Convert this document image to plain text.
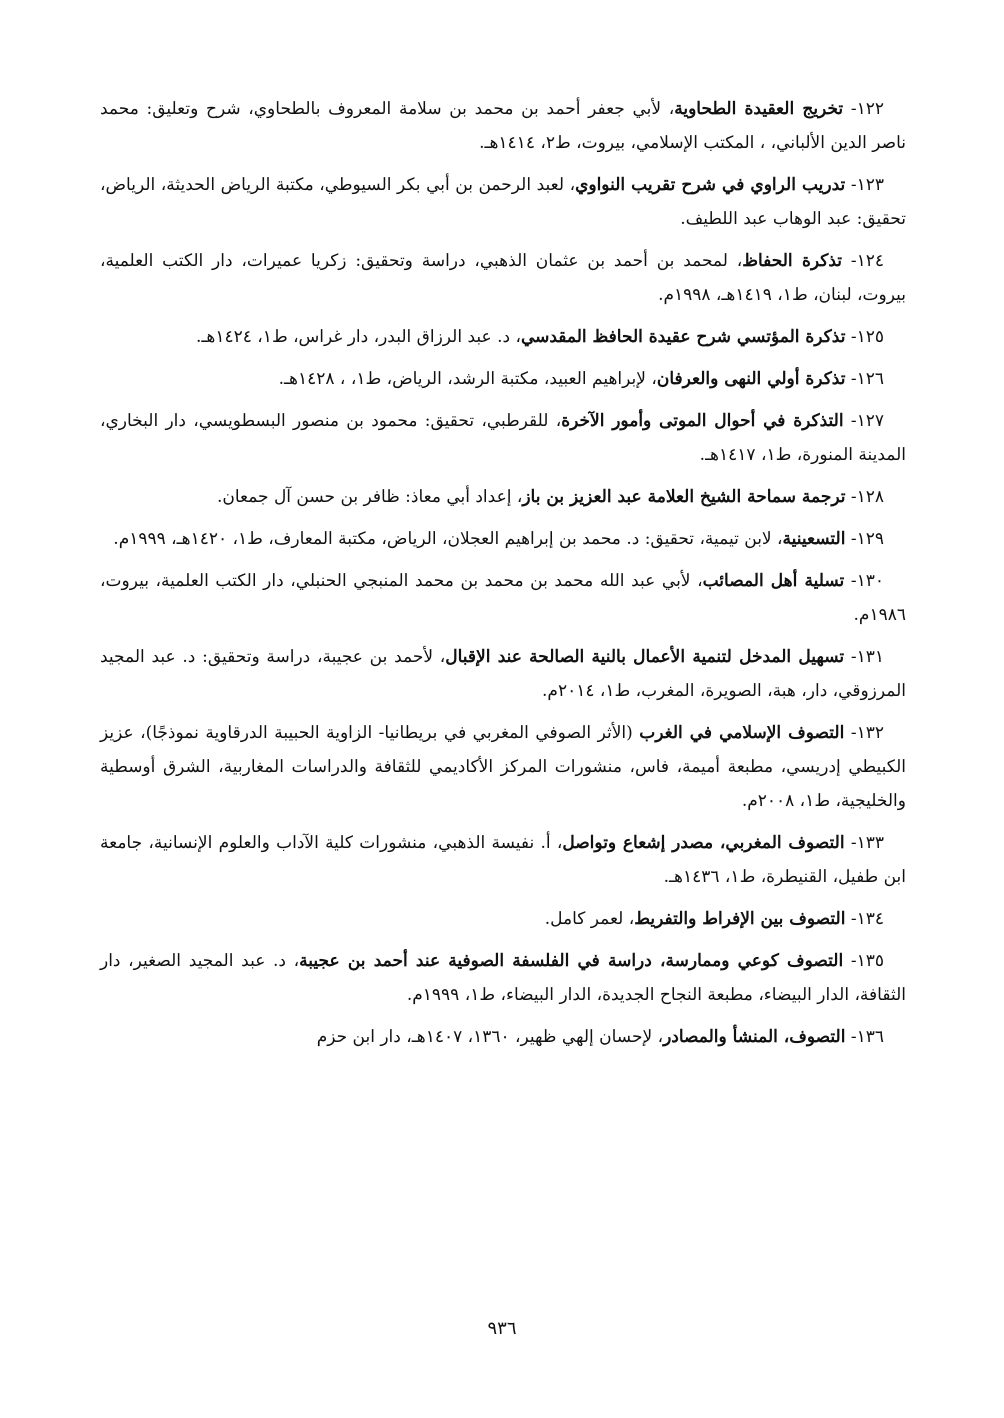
١٢٢- تخريج العقيدة الطحاوية، لأبي جعفر أحمد بن محمد بن سلامة المعروف بالطحاوي، شرح وتعليق: محمد ناصر الدين الألباني، ، المكتب الإسلامي، بيروت، ط٢، ١٤١٤هـ.

١٢٣- تدريب الراوي في شرح تقريب النواوي، لعبد الرحمن بن أبي بكر السيوطي، مكتبة الرياض الحديثة، الرياض، تحقيق: عبد الوهاب عبد اللطيف.

١٢٤- تذكرة الحفاظ، لمحمد بن أحمد بن عثمان الذهبي، دراسة وتحقيق: زكريا عميرات، دار الكتب العلمية، بيروت، لبنان، ط١، ١٤١٩هـ، ١٩٩٨م.

١٢٥- تذكرة المؤتسي شرح عقيدة الحافظ المقدسي، د. عبد الرزاق البدر، دار غراس، ط١، ١٤٢٤هـ.

١٢٦- تذكرة أولي النهى والعرفان، لإبراهيم العبيد، مكتبة الرشد، الرياض، ط١، ، ١٤٢٨هـ.

١٢٧- التذكرة في أحوال الموتى وأمور الآخرة، للقرطبي، تحقيق: محمود بن منصور البسطويسي، دار البخاري، المدينة المنورة، ط١، ١٤١٧هـ.

١٢٨- ترجمة سماحة الشيخ العلامة عبد العزيز بن باز، إعداد أبي معاذ: ظافر بن حسن آل جمعان.

١٢٩- التسعينية، لابن تيمية، تحقيق: د. محمد بن إبراهيم العجلان، الرياض، مكتبة المعارف، ط١، ١٤٢٠هـ، ١٩٩٩م.

١٣٠- تسلية أهل المصائب، لأبي عبد الله محمد بن محمد بن محمد المنبجي الحنبلي، دار الكتب العلمية، بيروت، ١٩٨٦م.

١٣١- تسهيل المدخل لتنمية الأعمال بالنية الصالحة عند الإقبال، لأحمد بن عجيبة، دراسة وتحقيق: د. عبد المجيد المرزوقي، دار، هبة، الصويرة، المغرب، ط١، ٢٠١٤م.

١٣٢- التصوف الإسلامي في الغرب (الأثر الصوفي المغربي في بريطانيا- الزاوية الحبيبة الدرقاوية نموذجًا)، عزيز الكبيطي إدريسي، مطبعة أميمة، فاس، منشورات المركز الأكاديمي للثقافة والدراسات المغاربية، الشرق أوسطية والخليجية، ط١، ٢٠٠٨م.

١٣٣- التصوف المغربي، مصدر إشعاع وتواصل، أ. نفيسة الذهبي، منشورات كلية الآداب والعلوم الإنسانية، جامعة ابن طفيل، القنيطرة، ط١، ١٤٣٦هـ.

١٣٤- التصوف بين الإفراط والتفريط، لعمر كامل.

١٣٥- التصوف كوعي وممارسة، دراسة في الفلسفة الصوفية عند أحمد بن عجيبة، د. عبد المجيد الصغير، دار الثقافة، الدار البيضاء، مطبعة النجاح الجديدة، الدار البيضاء، ط١، ١٩٩٩م.

١٣٦- التصوف، المنشأ والمصادر، لإحسان إلهي ظهير، ١٣٦٠، ١٤٠٧هـ، دار ابن حزم

٩٣٦
